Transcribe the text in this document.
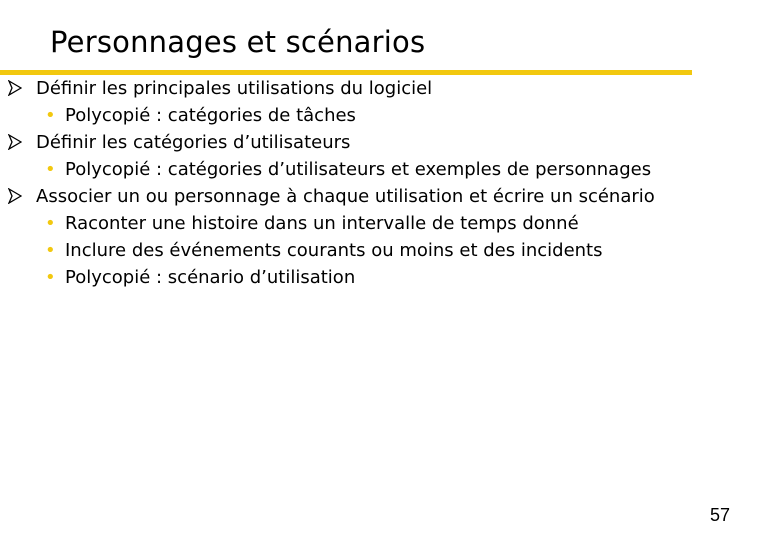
Personnages et scénarios
Définir les principales utilisations du logiciel
• Polycopié : catégories de tâches
Définir les catégories d’utilisateurs
• Polycopié : catégories d’utilisateurs et exemples de personnages
Associer un ou personnage à chaque utilisation et écrire un scénario
• Raconter une histoire dans un intervalle de temps donné
• Inclure des événements courants ou moins et des incidents
• Polycopié : scénario d’utilisation
57
